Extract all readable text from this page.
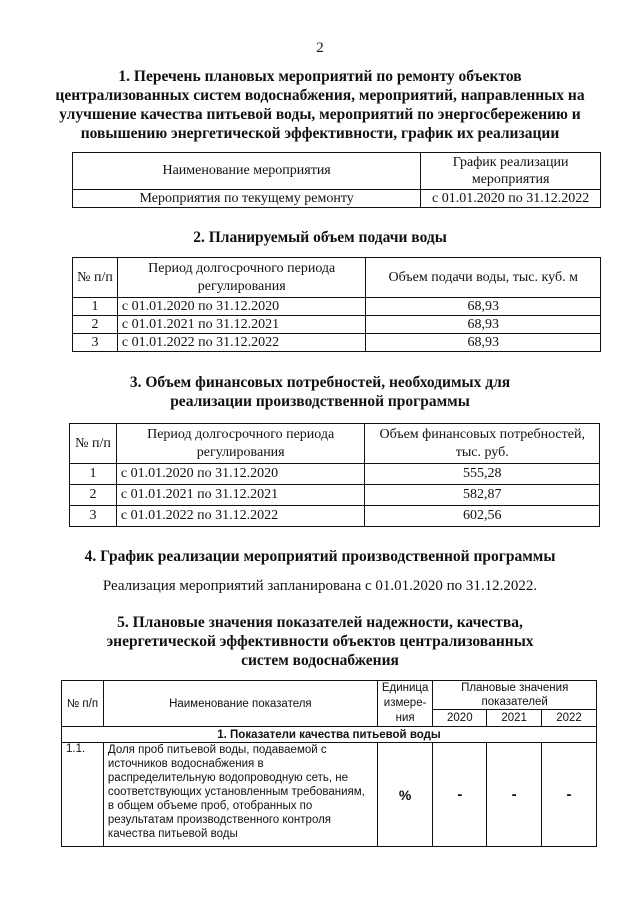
2
1. Перечень плановых мероприятий по ремонту объектов
централизованных систем водоснабжения, мероприятий, направленных на
улучшение качества питьевой воды, мероприятий по энергосбережению и
повышению энергетической эффективности, график их реализации
Наименование мероприятия	График реализации мероприятия
Мероприятия по текущему ремонту	с 01.01.2020 по 31.12.2022
2. Планируемый объем подачи воды
№ п/п	Период долгосрочного периода регулирования	Объем подачи воды, тыс. куб. м
1	с 01.01.2020 по 31.12.2020	68,93
2	с 01.01.2021 по 31.12.2021	68,93
3	с 01.01.2022 по 31.12.2022	68,93
3. Объем финансовых потребностей, необходимых для
реализации производственной программы
№ п/п	Период долгосрочного периода регулирования	Объем финансовых потребностей, тыс. руб.
1	с 01.01.2020 по 31.12.2020	555,28
2	с 01.01.2021 по 31.12.2021	582,87
3	с 01.01.2022 по 31.12.2022	602,56
4. График реализации мероприятий производственной программы
Реализация мероприятий запланирована с 01.01.2020 по 31.12.2022.
5. Плановые значения показателей надежности, качества,
энергетической эффективности объектов централизованных
систем водоснабжения
№ п/п	Наименование показателя	Единица измере-ния	Плановые значения показателей		
			2020	2021	2022
1. Показатели качества питьевой воды					
1.1.	Доля проб питьевой воды, подаваемой с источников водоснабжения в распределительную водопроводную сеть, не соответствующих установленным требованиям, в общем объеме проб, отобранных по результатам производственного контроля качества питьевой воды	%	-	-	-
